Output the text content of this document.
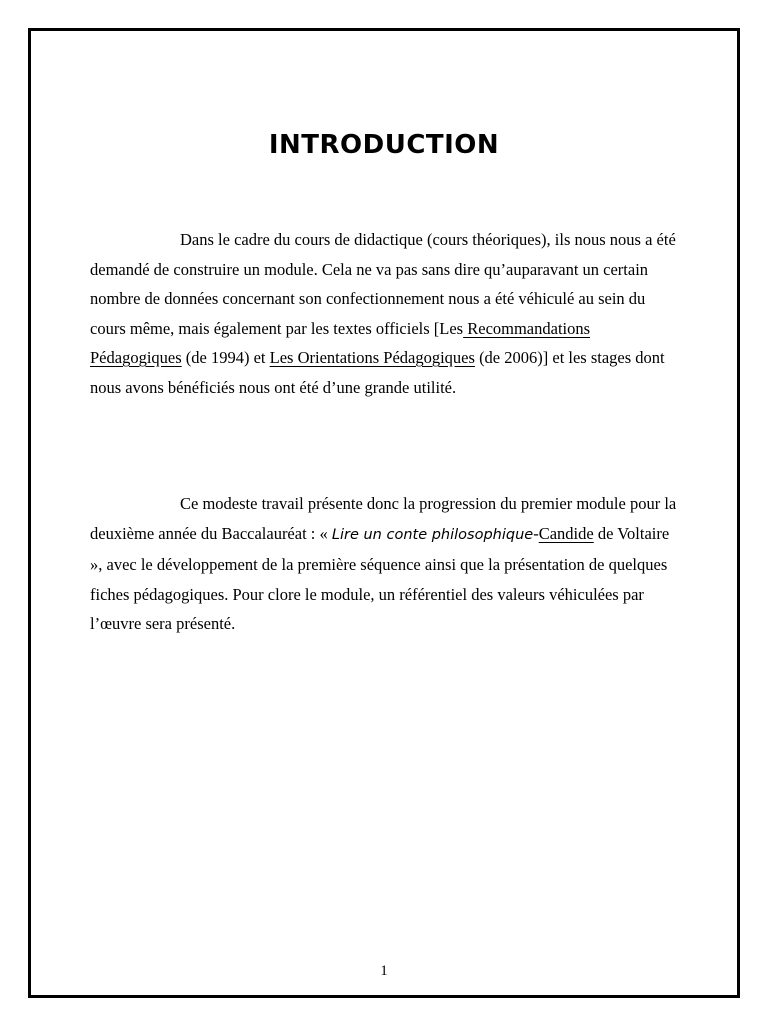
INTRODUCTION

Dans le cadre du cours de didactique (cours théoriques), ils nous nous a été demandé de construire un module. Cela ne va pas sans dire qu’auparavant un certain nombre de données concernant son confectionnement nous a été véhiculé au sein du cours même, mais également par les textes officiels [Les Recommandations Pédagogiques (de 1994) et Les Orientations Pédagogiques (de 2006)] et les stages dont nous avons bénéficiés nous ont été d’une grande utilité.

Ce modeste travail présente donc la progression du premier module pour la deuxième année du Baccalauréat : « Lire un conte philosophique-Candide de Voltaire », avec le développement de la première séquence ainsi que la présentation de quelques fiches pédagogiques. Pour clore le module, un référentiel des valeurs véhiculées par l’œuvre sera présenté.

1
